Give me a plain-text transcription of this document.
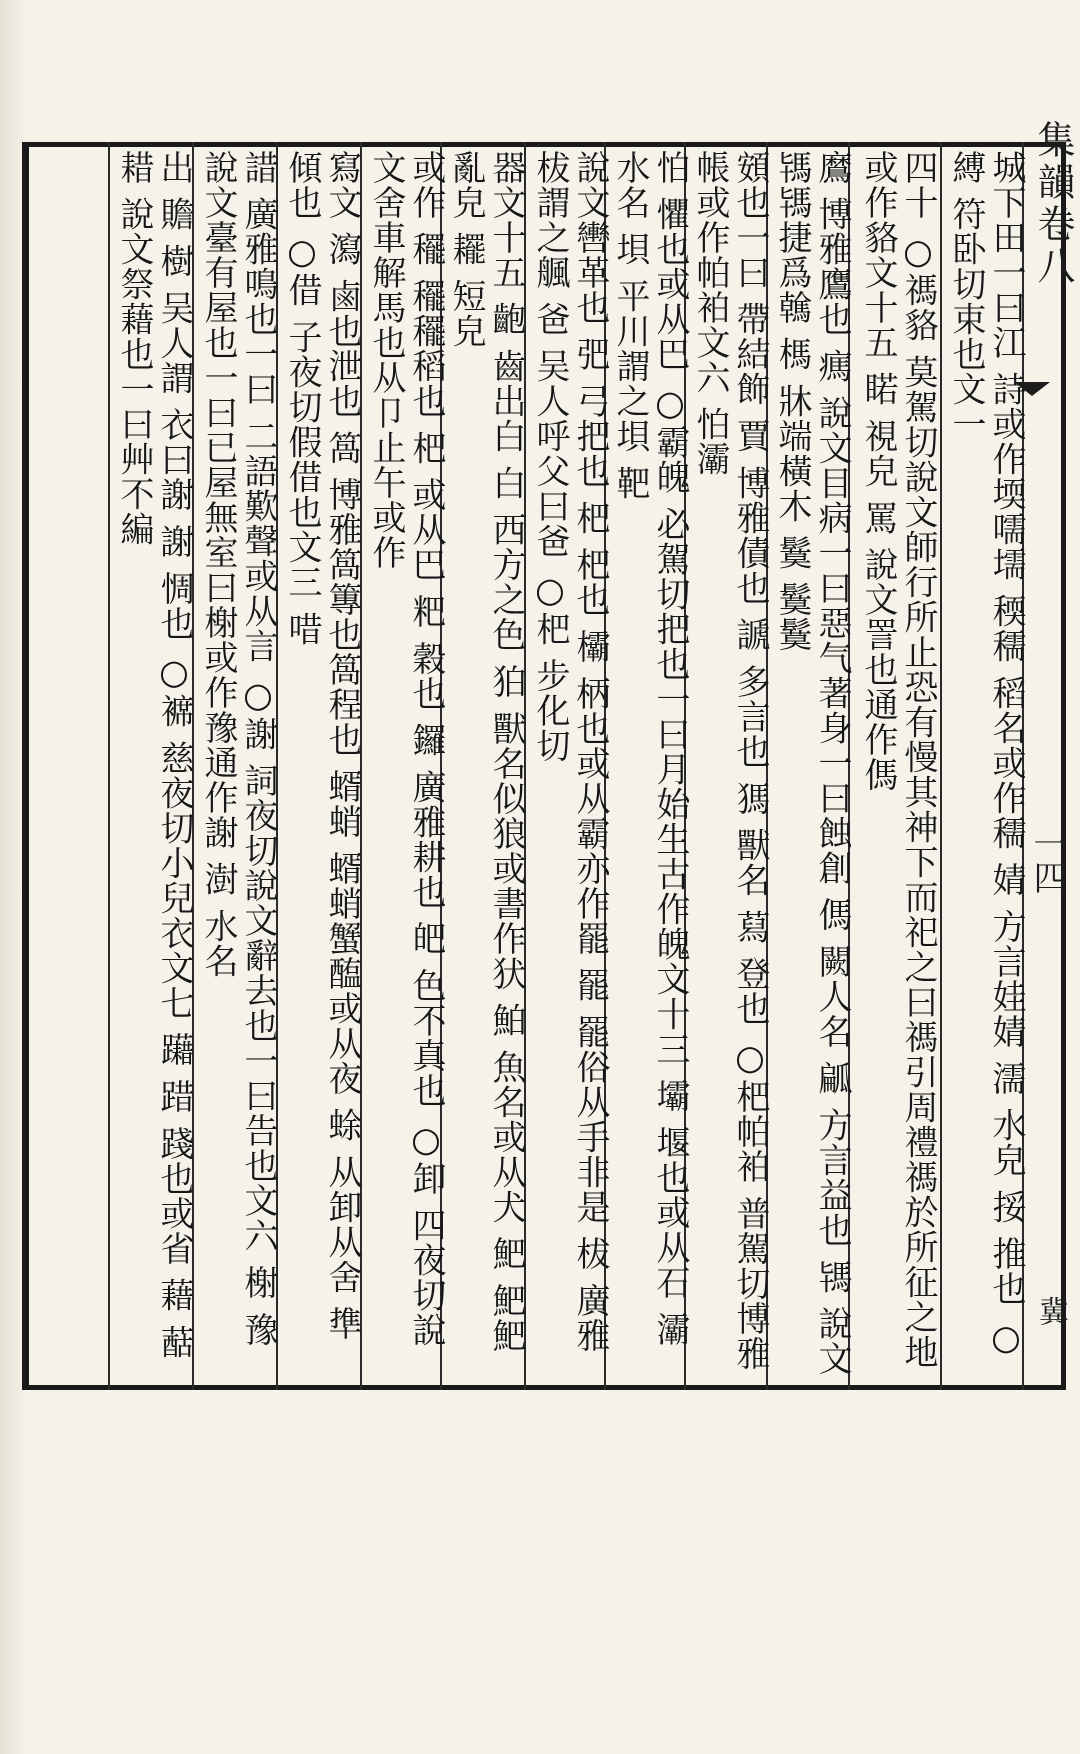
城下田一曰江 詩或作堧嚅壖 稬穤 稻名或作穤 婧 方言娃婧 濡 水皃 挼 推也 ○縛 符卧切束也文一
四十 ○禡貉 莫駕切說文師行所止恐有慢其神下而祀之曰禡引周禮禡於所征之地或作貉文十五 睰 視皃 罵 說文詈也通作傌
䳸 博雅鷹也 㾺 說文目病一曰惡气著身一曰蝕創 傌 闕人名 㼐 方言益也 駂 說文駂駂捷爲䮧 榪 牀端橫木 鬕 鬕鬕
頞也一曰 帶結飾 賈 博雅債也 謕 多言也 獁 獸名 蕮 登也 ○杷帕袙 普駕切博雅帳或作帕袙文六 怕灞
怕 懼也或从巴 ○霸魄 必駕切把也一曰月始生古作魄文十三 壩 堰也或从石 灞 水名 垻 平川謂之垻 靶
說文轡革也 弝 弓把也 杷 杷也 欛 柄也或从霸亦作罷 罷 罷俗从手非是 柭 廣雅柭謂之䑺 爸 吴人呼父曰爸 ○杷 步化切
器文十五 齙 齒出白 白 西方之色 狛 獸名似狼或書作犾 鮊 魚名或从犬 䰾 䰾䰾亂皃 䎱 短皃
或作 䆉 䆉䆉稻也 杷 或从巴 粑 穀也 鑼 廣雅耕也 皅 色不真也 ○卸 四夜切說文舍車解馬也从卩止午或作
寫文 瀉 鹵也泄也 䈑 博雅䈑篿也䈑程也 蝑蛸 蝑蛸蟹醢或从夜 蜍 从卸从舍 㔼 傾也 ○借 子夜切假借也文三 唶
諎 廣雅鳴也一曰 二語歎聲或从言 ○謝 詞夜切說文辭去也一曰告也文六 榭 豫 說文臺有屋也一曰已屋無室曰榭或作豫通作謝 澍 水名
出 贍 樹 吴人謂 衣曰謝 謝 惆也 ○褯 慈夜切小兒衣文七 躤 踖 踐也或省 藉 䔯 耤 說文祭藉也一曰艸不編	集韻卷八
一四
冀
